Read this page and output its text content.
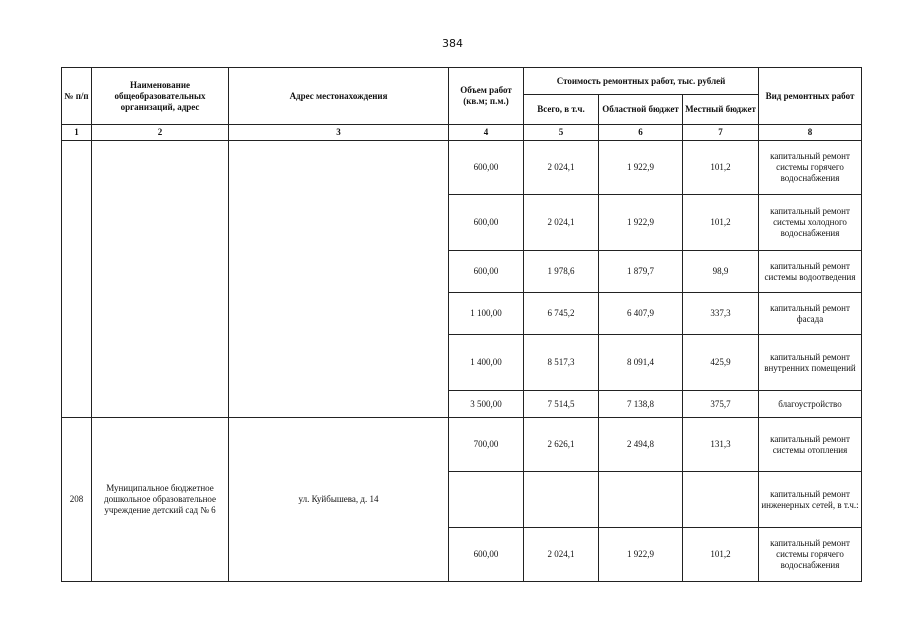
384
№ п/п	Наименование общеобразовательных организаций, адрес	Адрес местонахождения	Объем работ (кв.м; п.м.)	Стоимость ремонтных работ, тыс. рублей			Вид ремонтных работ
				Всего, в т.ч.	Областной бюджет	Местный бюджет	
1	2	3	4	5	6	7	8
			600,00	2 024,1	1 922,9	101,2	капитальный ремонт системы горячего водоснабжения
			600,00	2 024,1	1 922,9	101,2	капитальный ремонт системы холодного водоснабжения
			600,00	1 978,6	1 879,7	98,9	капитальный ремонт системы водоотведения
			1 100,00	6 745,2	6 407,9	337,3	капитальный ремонт фасада
			1 400,00	8 517,3	8 091,4	425,9	капитальный ремонт внутренних помещений
			3 500,00	7 514,5	7 138,8	375,7	благоустройство
208	Муниципальное бюджетное дошкольное образовательное учреждение детский сад № 6	ул. Куйбышева, д. 14	700,00	2 626,1	2 494,8	131,3	капитальный ремонт системы отопления
							капитальный ремонт инженерных сетей, в т.ч.:
			600,00	2 024,1	1 922,9	101,2	капитальный ремонт системы горячего водоснабжения
